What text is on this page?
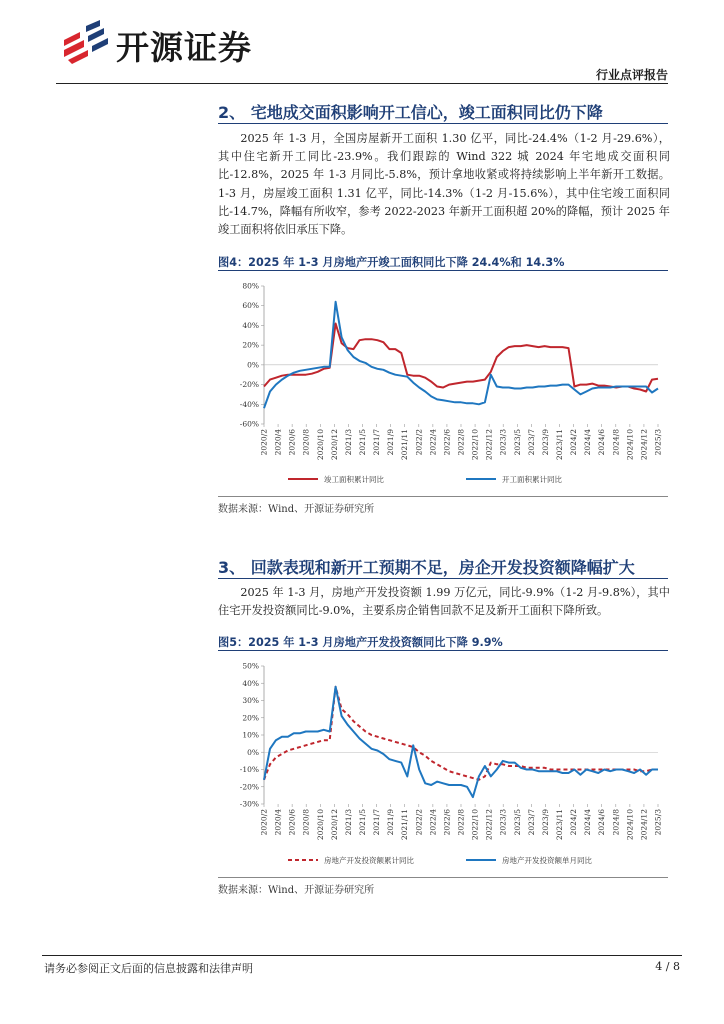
开源证券
行业点评报告
2、 宅地成交面积影响开工信心，竣工面积同比仍下降
2025 年 1-3 月，全国房屋新开工面积 1.30 亿平，同比-24.4%（1-2 月-29.6%），其中住宅新开工同比-23.9%。我们跟踪的 Wind 322 城 2024 年宅地成交面积同比-12.8%，2025 年 1-3 月同比-5.8%，预计拿地收紧或将持续影响上半年新开工数据。1-3 月，房屋竣工面积 1.31 亿平，同比-14.3%（1-2 月-15.6%），其中住宅竣工面积同比-14.7%，降幅有所收窄，参考 2022-2023 年新开工面积超 20%的降幅，预计 2025 年竣工面积将依旧承压下降。
图4：2025 年 1-3 月房地产开竣工面积同比下降 24.4%和 14.3%
80%
60%
40%
20%
0%
-20%
-40%
-60%
2020/2 2020/4 2020/6 2020/8 2020/10 2020/12 2021/3 2021/5 2021/7 2021/9 2021/11 2022/2 2022/4 2022/6 2022/8 2022/10 2022/12 2023/3 2023/5 2023/7 2023/9 2023/11 2024/2 2024/4 2024/6 2024/8 2024/10 2024/12 2025/3
竣工面积累计同比	开工面积累计同比
数据来源：Wind、开源证券研究所
3、 回款表现和新开工预期不足，房企开发投资额降幅扩大
2025 年 1-3 月，房地产开发投资额 1.99 万亿元，同比-9.9%（1-2 月-9.8%），其中住宅开发投资额同比-9.0%，主要系房企销售回款不足及新开工面积下降所致。
图5：2025 年 1-3 月房地产开发投资额同比下降 9.9%
50%
40%
30%
20%
10%
0%
-10%
-20%
-30%
2020/2 2020/4 2020/6 2020/8 2020/10 2020/12 2021/3 2021/5 2021/7 2021/9 2021/11 2022/2 2022/4 2022/6 2022/8 2022/10 2022/12 2023/3 2023/5 2023/7 2023/9 2023/11 2024/2 2024/4 2024/6 2024/8 2024/10 2024/12 2025/3
房地产开发投资额累计同比	房地产开发投资额单月同比
数据来源：Wind、开源证券研究所
请务必参阅正文后面的信息披露和法律声明	4 / 8
